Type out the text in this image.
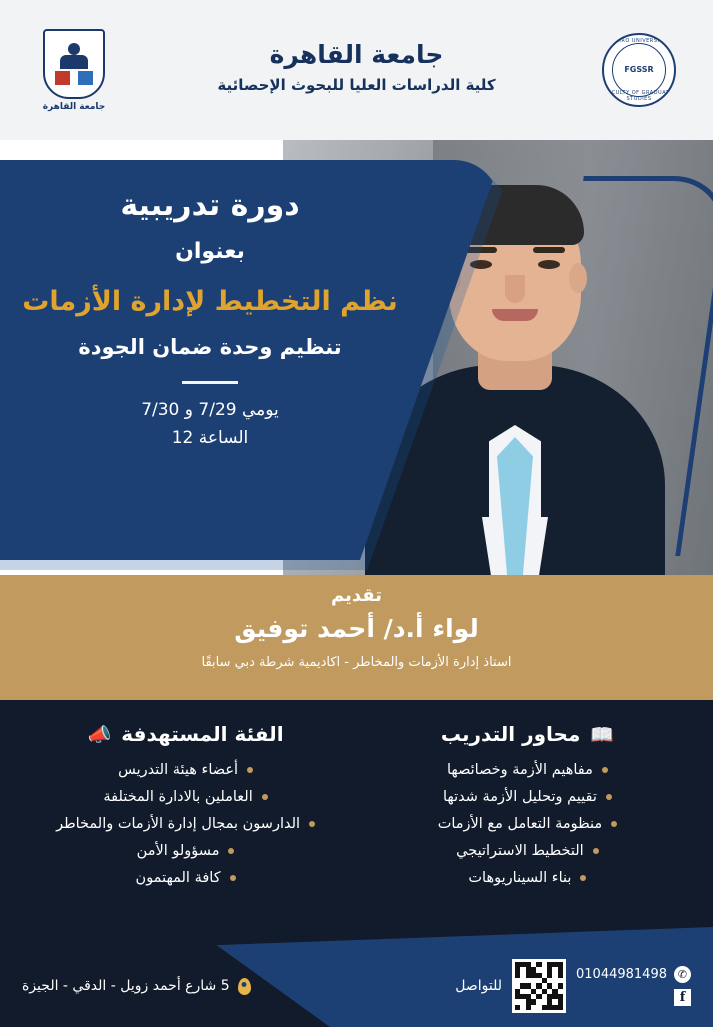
CAIRO UNIVERSITY
FGSSR
FACULTY OF GRADUATE STUDIES
جامعة القاهرة
كلية الدراسات العليا للبحوث الإحصائية
جامعة القاهرة
دورة تدريبية
بعنوان
نظم التخطيط لإدارة الأزمات
تنظيم وحدة ضمان الجودة
يومي 7/29 و 7/30
الساعة 12
تقديم
لواء أ.د/ أحمد توفيق
استاذ إدارة الأزمات والمخاطر - اكاديمية شرطة دبي سابقًا
📖
محاور التدريب
مفاهيم الأزمة وخصائصها
تقييم وتحليل الأزمة شدتها
منظومة التعامل مع الأزمات
التخطيط الاستراتيجي
بناء السيناريوهات
الفئة المستهدفة
📣
أعضاء هيئة التدريس
العاملين بالادارة المختلفة
الدارسون بمجال إدارة الأزمات والمخاطر
مسؤولو الأمن
كافة المهتمون
✆
01044981498
f
للتواصل
5 شارع أحمد زويل - الدقي - الجيزة
